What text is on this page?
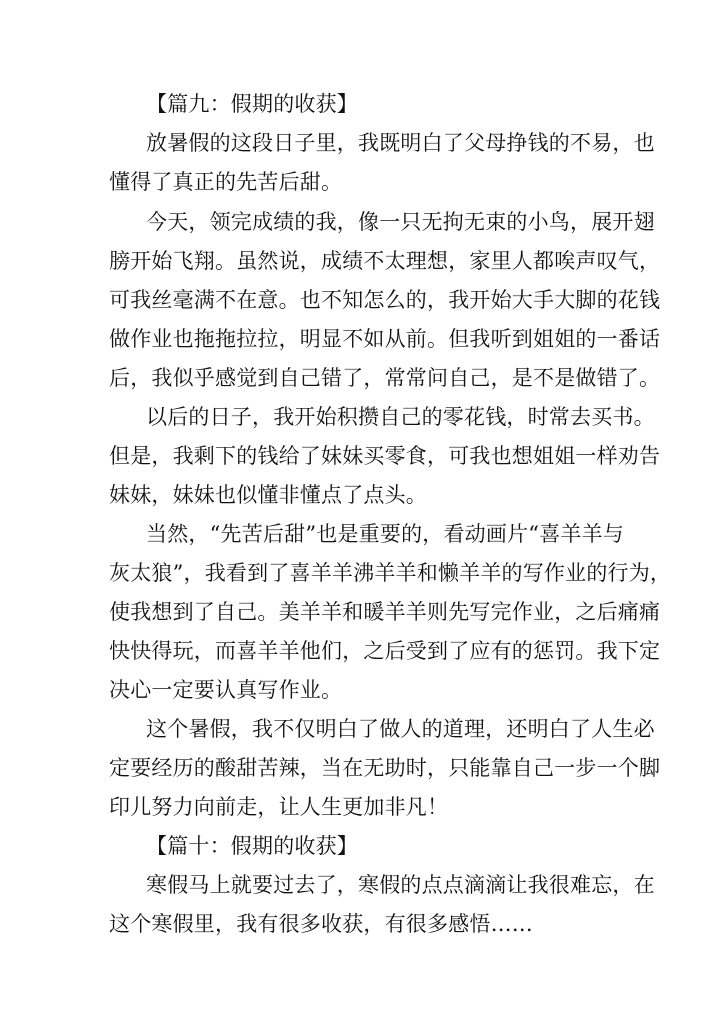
【篇九：假期的收获】
放暑假的这段日子里，我既明白了父母挣钱的不易，也
懂得了真正的先苦后甜。
今天，领完成绩的我，像一只无拘无束的小鸟，展开翅
膀开始飞翔。虽然说，成绩不太理想，家里人都唉声叹气，
可我丝毫满不在意。也不知怎么的，我开始大手大脚的花钱
做作业也拖拖拉拉，明显不如从前。但我听到姐姐的一番话
后，我似乎感觉到自己错了，常常问自己，是不是做错了。
以后的日子，我开始积攒自己的零花钱，时常去买书。
但是，我剩下的钱给了妹妹买零食，可我也想姐姐一样劝告
妹妹，妹妹也似懂非懂点了点头。
当然，“先苦后甜”也是重要的，看动画片“喜羊羊与
灰太狼”，我看到了喜羊羊沸羊羊和懒羊羊的写作业的行为，
使我想到了自己。美羊羊和暖羊羊则先写完作业，之后痛痛
快快得玩，而喜羊羊他们，之后受到了应有的惩罚。我下定
决心一定要认真写作业。
这个暑假，我不仅明白了做人的道理，还明白了人生必
定要经历的酸甜苦辣，当在无助时，只能靠自己一步一个脚
印儿努力向前走，让人生更加非凡！
【篇十：假期的收获】
寒假马上就要过去了，寒假的点点滴滴让我很难忘，在
这个寒假里，我有很多收获，有很多感悟……
